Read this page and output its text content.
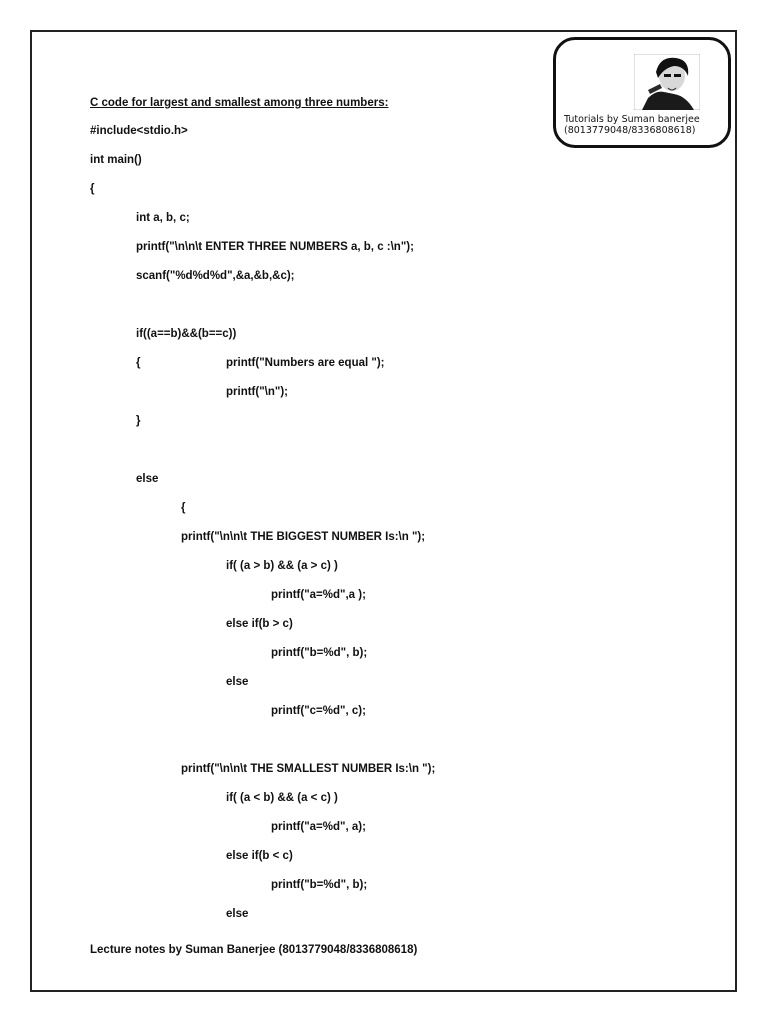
Tutorials by Suman banerjee
(8013779048/8336808618)
C code for largest and smallest among three numbers:
#include<stdio.h>
int main()
{
int a, b, c;
printf("\n\n\t ENTER THREE NUMBERS a, b, c :\n");
scanf("%d%d%d",&a,&b,&c);
if((a==b)&&(b==c))
{	printf("Numbers are equal ");
printf("\n");
}
else
{
printf("\n\n\t THE BIGGEST NUMBER Is:\n ");
if( (a > b) && (a > c) )
printf("a=%d",a );
else if(b > c)
printf("b=%d", b);
else
printf("c=%d", c);
printf("\n\n\t THE SMALLEST NUMBER Is:\n ");
if( (a < b) && (a < c) )
printf("a=%d", a);
else if(b < c)
printf("b=%d", b);
else
Lecture notes by Suman Banerjee (8013779048/8336808618)
